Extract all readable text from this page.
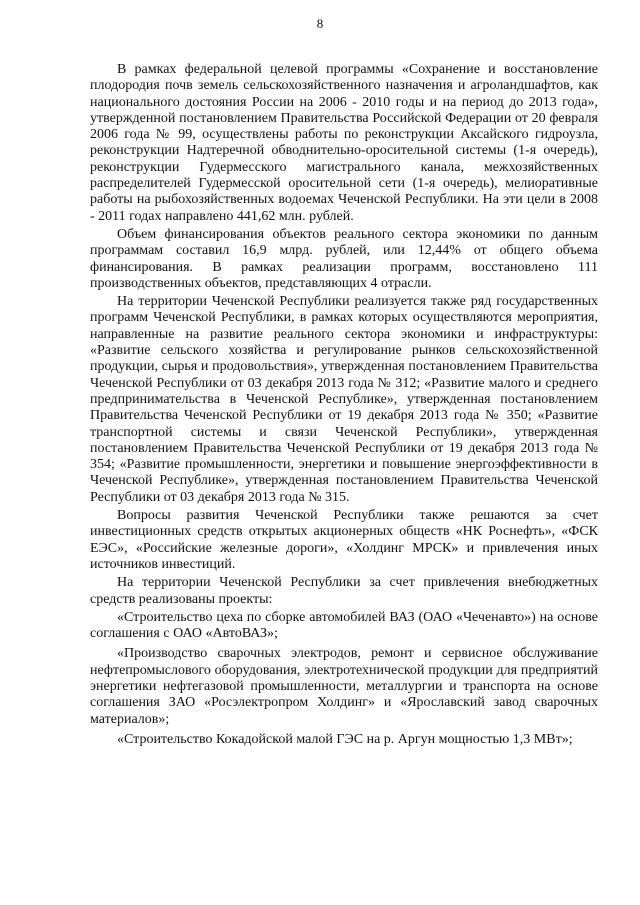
8

В рамках федеральной целевой программы «Сохранение и восстановление плодородия почв земель сельскохозяйственного назначения и агроландшафтов, как национального достояния России на 2006 - 2010 годы и на период до 2013 года», утвержденной постановлением Правительства Российской Федерации от 20 февраля 2006 года № 99, осуществлены работы по реконструкции Аксайского гидроузла, реконструкции Надтеречной обводнительно-оросительной системы (1-я очередь), реконструкции Гудермесского магистрального канала, межхозяйственных распределителей Гудермесской оросительной сети (1-я очередь), мелиоративные работы на рыбохозяйственных водоемах Чеченской Республики. На эти цели в 2008 - 2011 годах направлено 441,62 млн. рублей.

Объем финансирования объектов реального сектора экономики по данным программам составил 16,9 млрд. рублей, или 12,44% от общего объема финансирования. В рамках реализации программ, восстановлено 111 производственных объектов, представляющих 4 отрасли.

На территории Чеченской Республики реализуется также ряд государственных программ Чеченской Республики, в рамках которых осуществляются мероприятия, направленные на развитие реального сектора экономики и инфраструктуры: «Развитие сельского хозяйства и регулирование рынков сельскохозяйственной продукции, сырья и продовольствия», утвержденная постановлением Правительства Чеченской Республики от 03 декабря 2013 года № 312; «Развитие малого и среднего предпринимательства в Чеченской Республике», утвержденная постановлением Правительства Чеченской Республики от 19 декабря 2013 года № 350; «Развитие транспортной системы и связи Чеченской Республики», утвержденная постановлением Правительства Чеченской Республики от 19 декабря 2013 года № 354; «Развитие промышленности, энергетики и повышение энергоэффективности в Чеченской Республике», утвержденная постановлением Правительства Чеченской Республики от 03 декабря 2013 года № 315.

Вопросы развития Чеченской Республики также решаются за счет инвестиционных средств открытых акционерных обществ «НК Роснефть», «ФСК ЕЭС», «Российские железные дороги», «Холдинг МРСК» и привлечения иных источников инвестиций.

На территории Чеченской Республики за счет привлечения внебюджетных средств реализованы проекты:

«Строительство цеха по сборке автомобилей ВАЗ (ОАО «Чеченавто») на основе соглашения с ОАО «АвтоВАЗ»;

«Производство сварочных электродов, ремонт и сервисное обслуживание нефтепромыслового оборудования, электротехнической продукции для предприятий энергетики нефтегазовой промышленности, металлургии и транспорта на основе соглашения ЗАО «Росэлектропром Холдинг» и «Ярославский завод сварочных материалов»;

«Строительство Кокадойской малой ГЭС на р. Аргун мощностью 1,3 МВт»;
